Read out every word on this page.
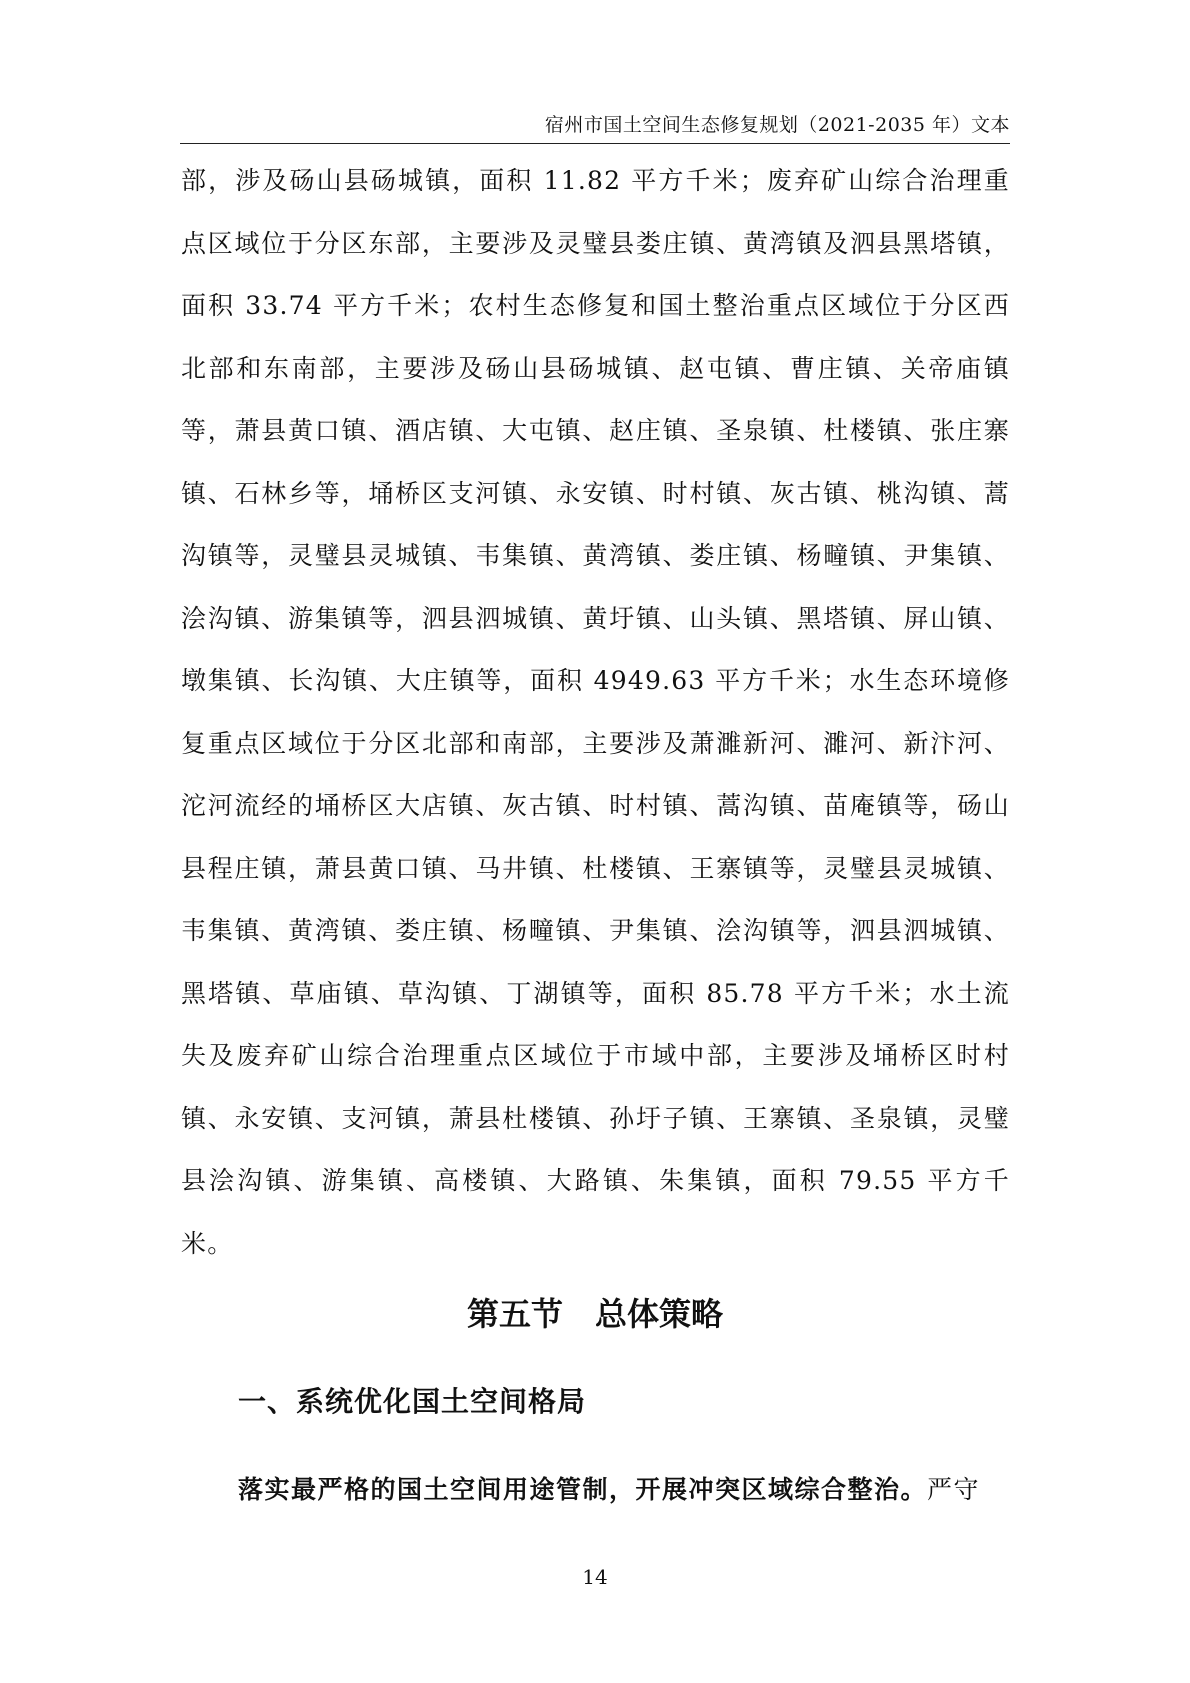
宿州市国土空间生态修复规划（2021-2035 年）文本

部，涉及砀山县砀城镇，面积 11.82 平方千米；废弃矿山综合治理重点区域位于分区东部，主要涉及灵璧县娄庄镇、黄湾镇及泗县黑塔镇，面积 33.74 平方千米；农村生态修复和国土整治重点区域位于分区西北部和东南部，主要涉及砀山县砀城镇、赵屯镇、曹庄镇、关帝庙镇等，萧县黄口镇、酒店镇、大屯镇、赵庄镇、圣泉镇、杜楼镇、张庄寨镇、石林乡等，埇桥区支河镇、永安镇、时村镇、灰古镇、桃沟镇、蒿沟镇等，灵璧县灵城镇、韦集镇、黄湾镇、娄庄镇、杨疃镇、尹集镇、浍沟镇、游集镇等，泗县泗城镇、黄圩镇、山头镇、黑塔镇、屏山镇、墩集镇、长沟镇、大庄镇等，面积 4949.63 平方千米；水生态环境修复重点区域位于分区北部和南部，主要涉及萧濉新河、濉河、新汴河、沱河流经的埇桥区大店镇、灰古镇、时村镇、蒿沟镇、苗庵镇等，砀山县程庄镇，萧县黄口镇、马井镇、杜楼镇、王寨镇等，灵璧县灵城镇、韦集镇、黄湾镇、娄庄镇、杨疃镇、尹集镇、浍沟镇等，泗县泗城镇、黑塔镇、草庙镇、草沟镇、丁湖镇等，面积 85.78 平方千米；水土流失及废弃矿山综合治理重点区域位于市域中部，主要涉及埇桥区时村镇、永安镇、支河镇，萧县杜楼镇、孙圩子镇、王寨镇、圣泉镇，灵璧县浍沟镇、游集镇、高楼镇、大路镇、朱集镇，面积 79.55 平方千米。

第五节　总体策略
一、系统优化国土空间格局

落实最严格的国土空间用途管制，开展冲突区域综合整治。严守

14
